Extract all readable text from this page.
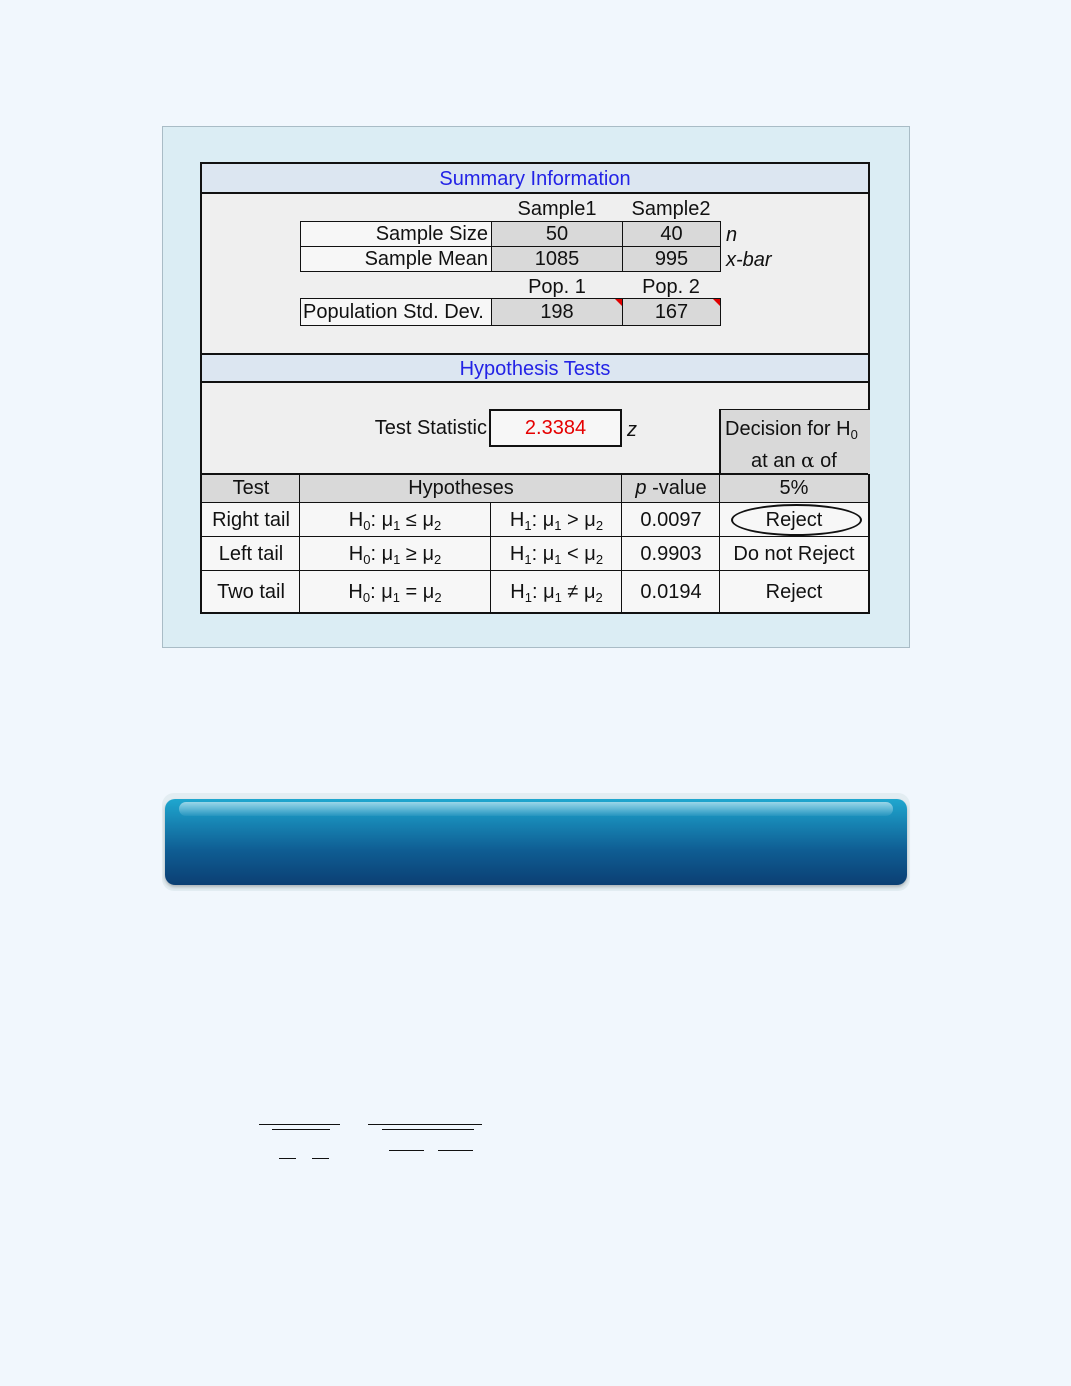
Summary Information
Sample1	Sample2
Sample Size	50	40	n
Sample Mean	1085	995	x-bar
Pop. 1	Pop. 2
Population Std. Dev.	198	167
Hypothesis Tests
Test Statistic	2.3384	z	Decision for $H_0$
at an α of
Test	Hypotheses	p -value	5%
Right tail	$H_0$: $\mu_1 \le \mu_2$	$H_1$: $\mu_1 > \mu_2$	0.0097	Reject
Left tail	$H_0$: $\mu_1 \ge \mu_2$	$H_1$: $\mu_1 < \mu_2$	0.9903	Do not Reject
Two tail	$H_0$: $\mu_1 = \mu_2$	$H_1$: $\mu_1 \ne \mu_2$	0.0194	Reject
